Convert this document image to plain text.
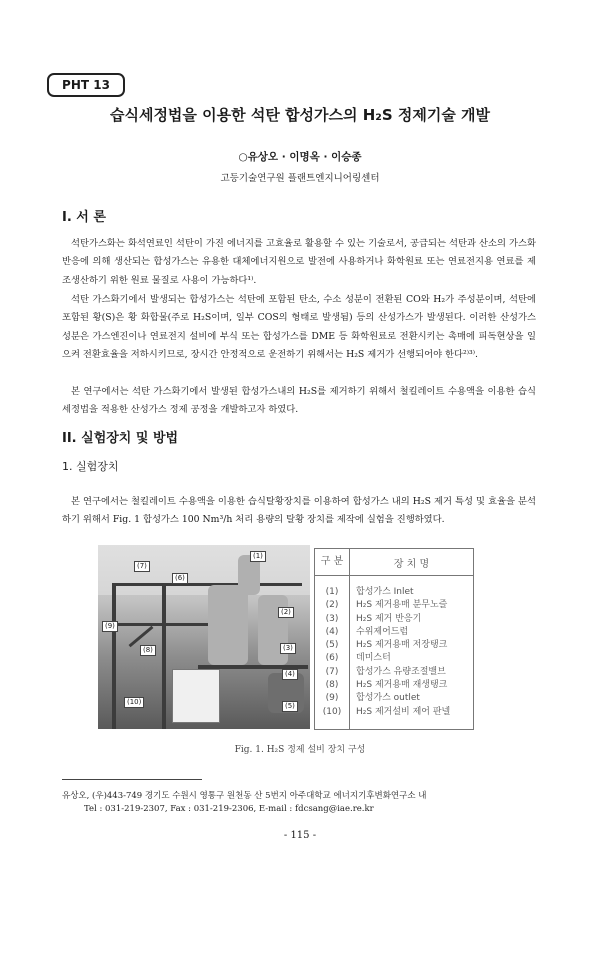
PHT 13
습식세정법을 이용한 석탄 합성가스의 H₂S 정제기술 개발
○유상오 · 이명옥 · 이승종
고등기술연구원 플랜트엔지니어링센터
I. 서 론

석탄가스화는 화석연료인 석탄이 가진 에너지를 고효율로 활용할 수 있는 기술로서, 공급되는 석탄과 산소의 가스화 반응에 의해 생산되는 합성가스는 유용한 대체에너지원으로 발전에 사용하거나 화학원료 또는 연료전지용 연료를 제조생산하기 위한 원료 물질로 사용이 가능하다¹⁾.

석탄 가스화기에서 발생되는 합성가스는 석탄에 포함된 탄소, 수소 성분이 전환된 CO와 H₂가 주성분이며, 석탄에 포함된 황(S)은 황 화합물(주로 H₂S이며, 일부 COS의 형태로 발생됨) 등의 산성가스가 발생된다. 이러한 산성가스 성분은 가스엔진이나 연료전지 설비에 부식 또는 합성가스를 DME 등 화학원료로 전환시키는 촉매에 피독현상을 일으켜 전환효율을 저하시키므로, 장시간 안정적으로 운전하기 위해서는 H₂S 제거가 선행되어야 한다²⁾³⁾.

본 연구에서는 석탄 가스화기에서 발생된 합성가스내의 H₂S를 제거하기 위해서 철킬레이트 수용액을 이용한 습식세정법을 적용한 산성가스 정제 공정을 개발하고자 하였다.

II. 실험장치 및 방법
1. 실험장치

본 연구에서는 철킬레이트 수용액을 이용한 습식탈황장치를 이용하여 합성가스 내의 H₂S 제거 특성 및 효율을 분석하기 위해서 Fig. 1 합성가스 100 Nm³/h 처리 용량의 탈황 장치를 제작에 실험을 진행하였다.

(1)
(2)
(3)
(4)
(5)
(6)
(7)
(8)
(9)
(10)
구 분	장 치 명
(1)
(2)
(3)
(4)
(5)
(6)
(7)
(8)
(9)
(10)
합성가스 Inlet
H₂S 제거용매 분무노즐
H₂S 제거 반응기
수위제어드럼
H₂S 제거용매 저장탱크
데미스터
합성가스 유량조절밸브
H₂S 제거용매 재생탱크
합성가스 outlet
H₂S 제거설비 제어 판넬
Fig. 1. H₂S 정제 설비 장치 구성
유상오, (우)443-749 경기도 수원시 영통구 원천동 산 5번지 아주대학교 에너지기후변화연구소 내
Tel : 031-219-2307, Fax : 031-219-2306, E-mail : fdcsang@iae.re.kr
- 115 -
